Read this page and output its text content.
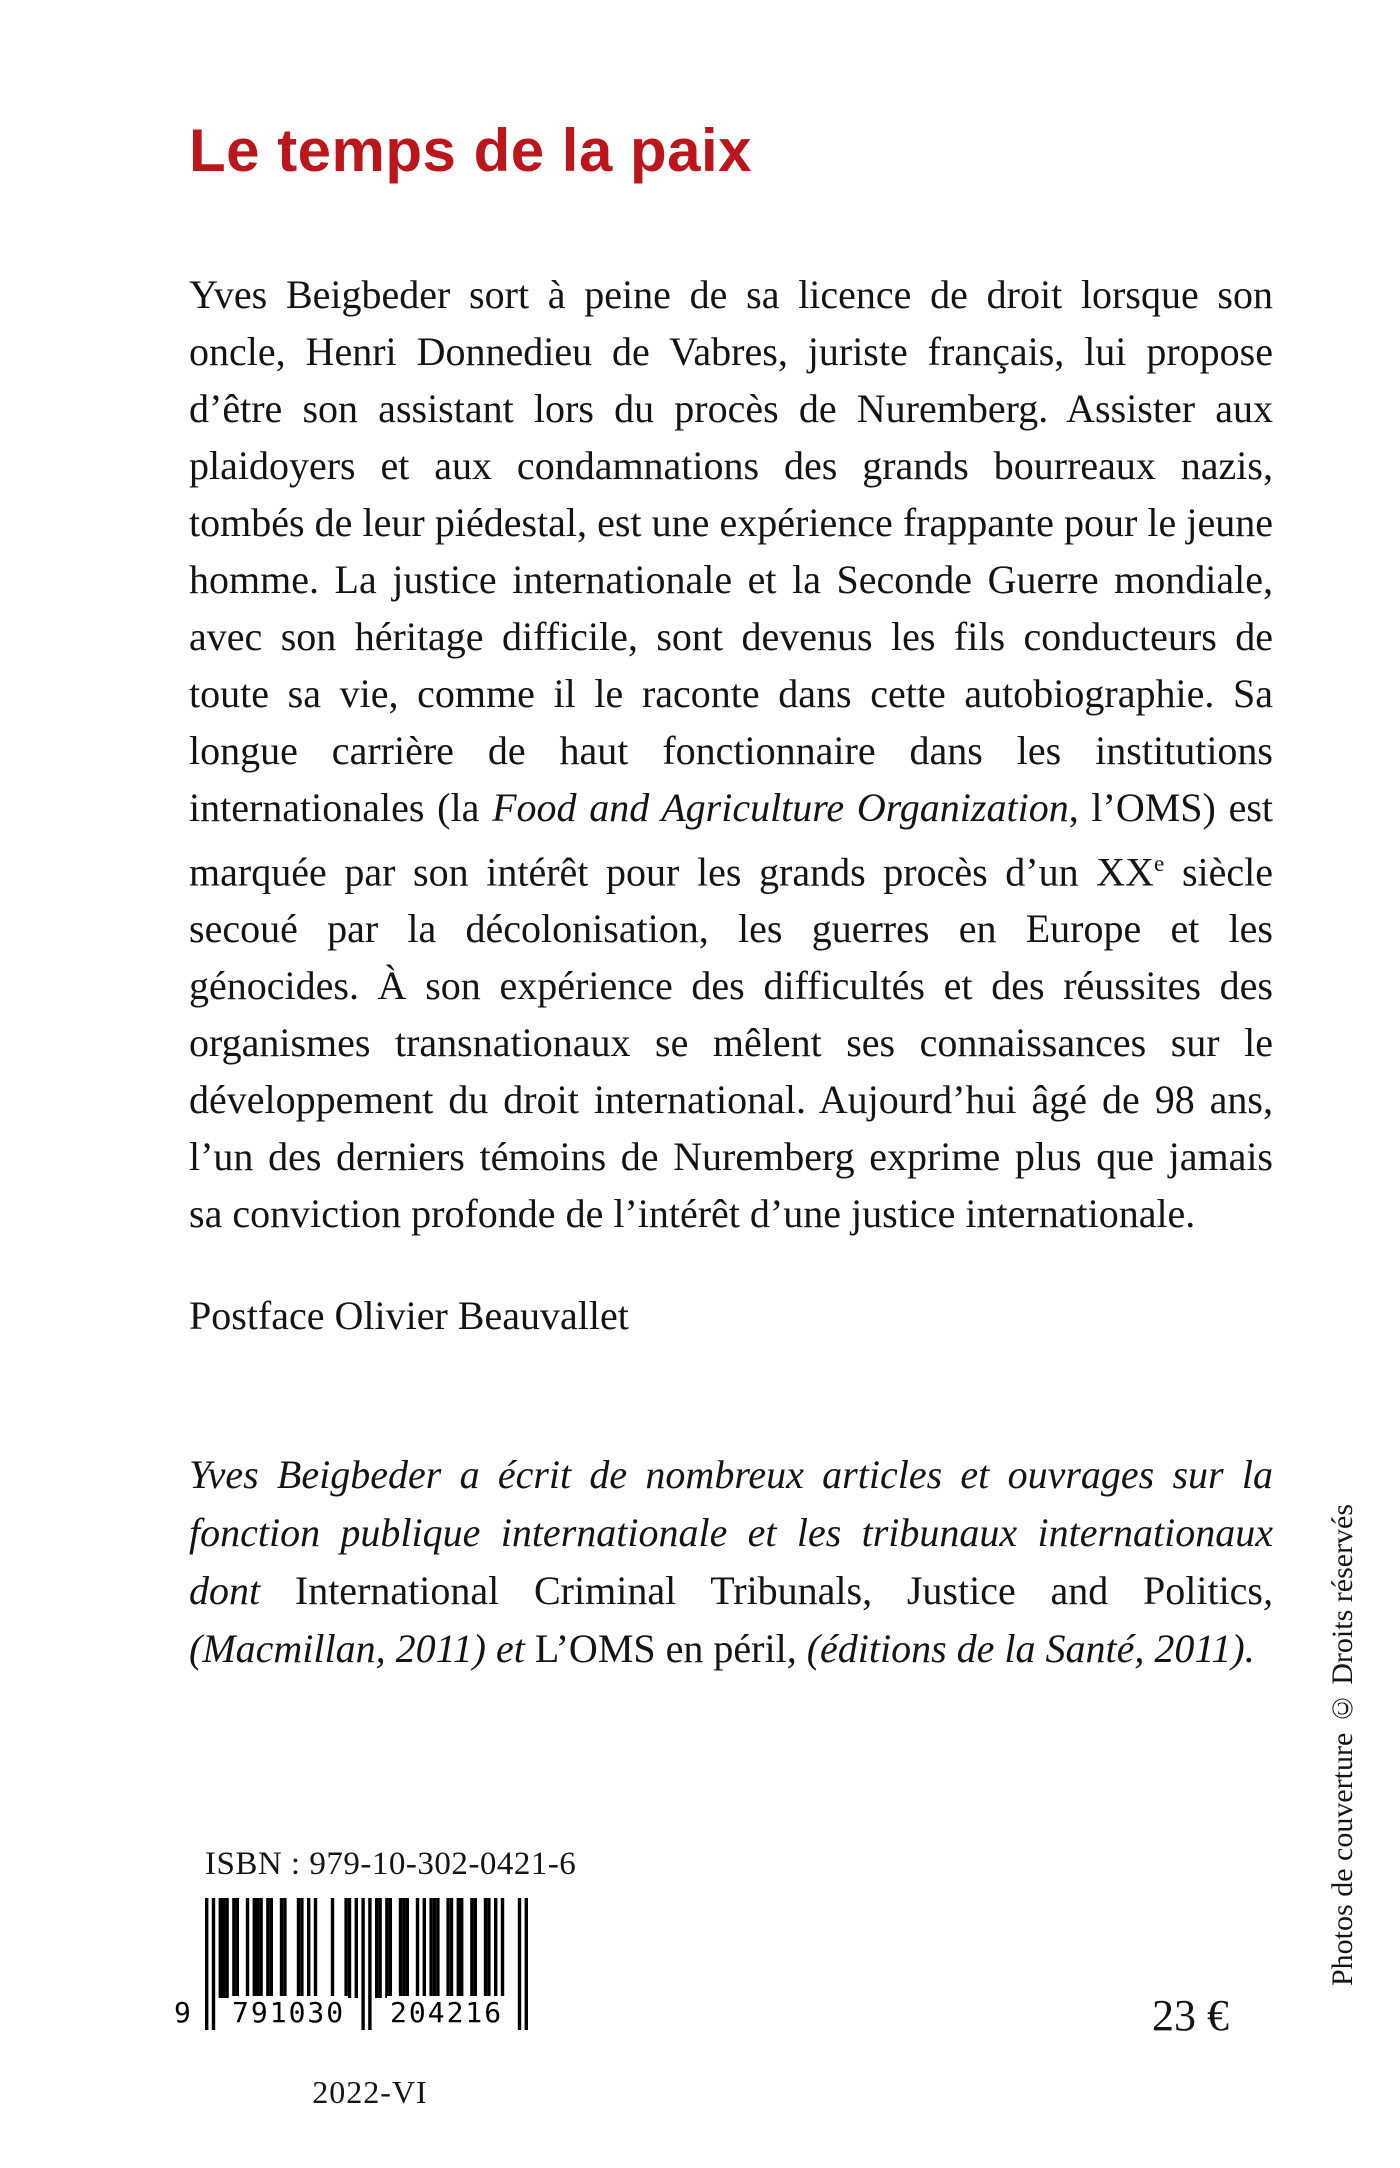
Le temps de la paix

Yves Beigbeder sort à peine de sa licence de droit lorsque son oncle, Henri Donnedieu de Vabres, juriste français, lui propose d’être son assistant lors du procès de Nuremberg. Assister aux plaidoyers et aux condamnations des grands bourreaux nazis, tombés de leur piédestal, est une expérience frappante pour le jeune homme. La justice internationale et la Seconde Guerre mondiale, avec son héritage difficile, sont devenus les fils conducteurs de toute sa vie, comme il le raconte dans cette autobiographie. Sa longue carrière de haut fonctionnaire dans les institutions internationales (la Food and Agriculture Organization, l’OMS) est marquée par son intérêt pour les grands procès d’un XXe siècle secoué par la décolonisation, les guerres en Europe et les génocides. À son expérience des difficultés et des réussites des organismes transnationaux se mêlent ses connaissances sur le développement du droit international. Aujourd’hui âgé de 98 ans, l’un des derniers témoins de Nuremberg exprime plus que jamais sa conviction profonde de l’intérêt d’une justice internationale.

Postface Olivier Beauvallet

Yves Beigbeder a écrit de nombreux articles et ouvrages sur la fonction publique internationale et les tribunaux internationaux dont International Criminal Tribunals, Justice and Politics, (Macmillan, 2011) et L’OMS en péril, (éditions de la Santé, 2011).

ISBN : 979-10-302-0421-6
9 791030 204216
2022-VI
23 €
Photos de couverture © Droits réservés
